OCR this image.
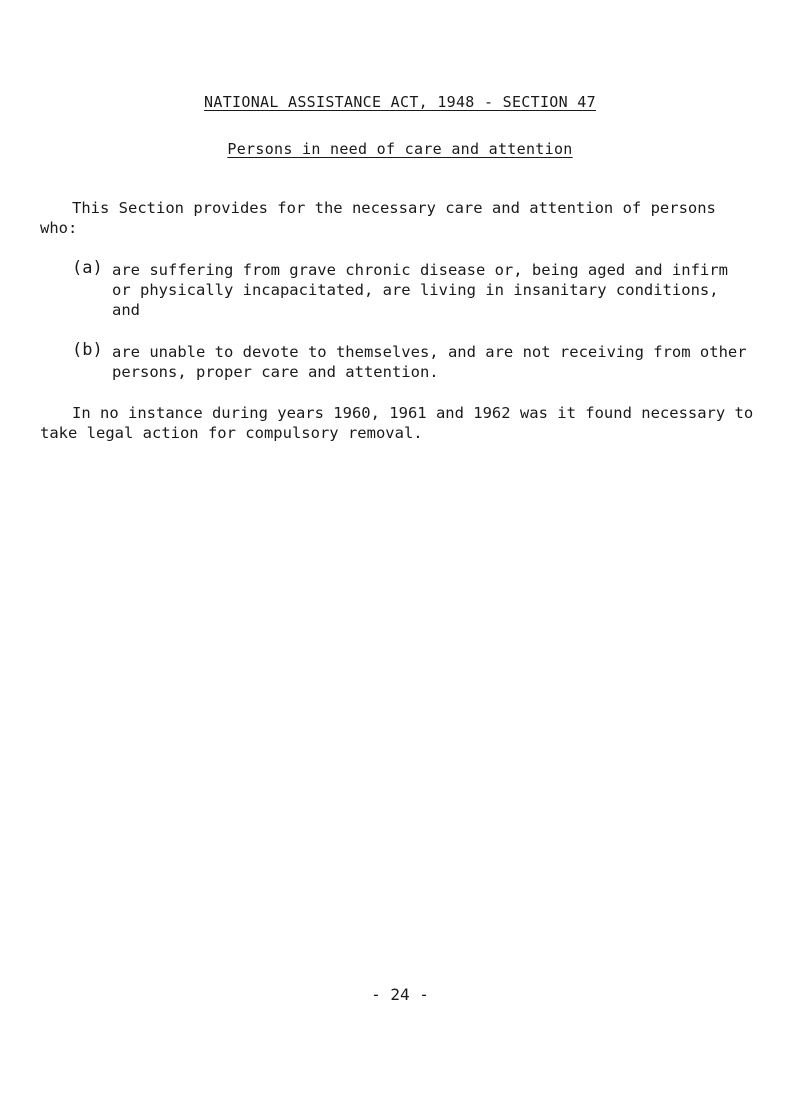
NATIONAL ASSISTANCE ACT, 1948 - SECTION 47
Persons in need of care and attention

This Section provides for the necessary care and attention of persons who:

(a) are suffering from grave chronic disease or, being aged and infirm or physically incapacitated, are living in insanitary conditions, and
(b) are unable to devote to themselves, and are not receiving from other persons, proper care and attention.

In no instance during years 1960, 1961 and 1962 was it found necessary to take legal action for compulsory removal.

- 24 -
